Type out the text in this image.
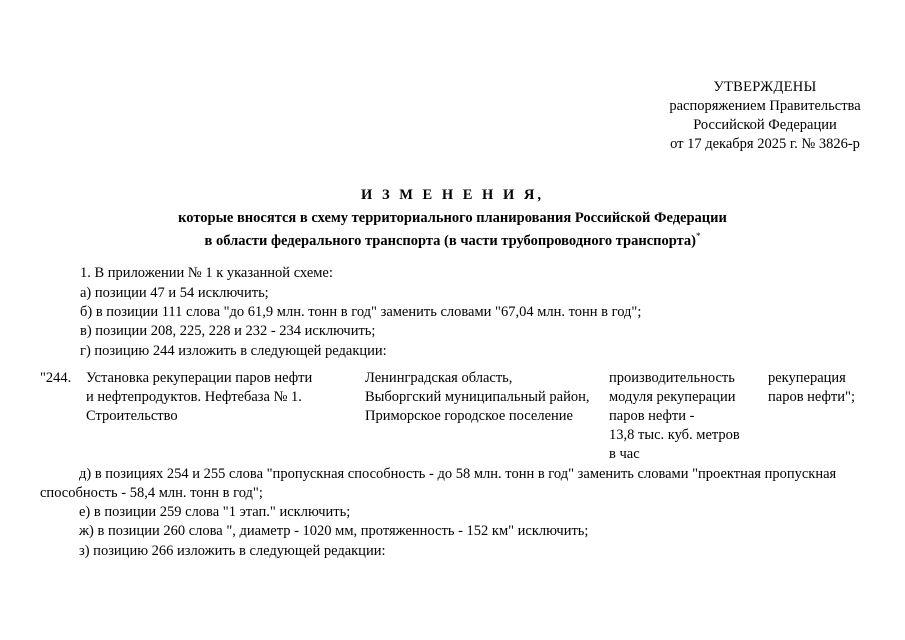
УТВЕРЖДЕНЫ
распоряжением Правительства
Российской Федерации
от 17 декабря 2025 г. № 3826-р
И З М Е Н Е Н И Я,
которые вносятся в схему территориального планирования Российской Федерации
в области федерального транспорта (в части трубопроводного транспорта)*
1. В приложении № 1 к указанной схеме:
а) позиции 47 и 54 исключить;
б) в позиции 111 слова "до 61,9 млн. тонн в год" заменить словами "67,04 млн. тонн в год";
в) позиции 208, 225, 228 и 232 - 234 исключить;
г) позицию 244 изложить в следующей редакции:
"244. Установка рекуперации паров нефти
и нефтепродуктов. Нефтебаза № 1.
Строительство
Ленинградская область,
Выборгский муниципальный район,
Приморское городское поселение
производительность
модуля рекуперации
паров нефти -
13,8 тыс. куб. метров
в час
рекуперация
паров нефти";
д) в позициях 254 и 255 слова "пропускная способность - до 58 млн. тонн в год" заменить словами "проектная пропускная
способность - 58,4 млн. тонн в год";
е) в позиции 259 слова "1 этап." исключить;
ж) в позиции 260 слова ", диаметр - 1020 мм, протяженность - 152 км" исключить;
з) позицию 266 изложить в следующей редакции:
